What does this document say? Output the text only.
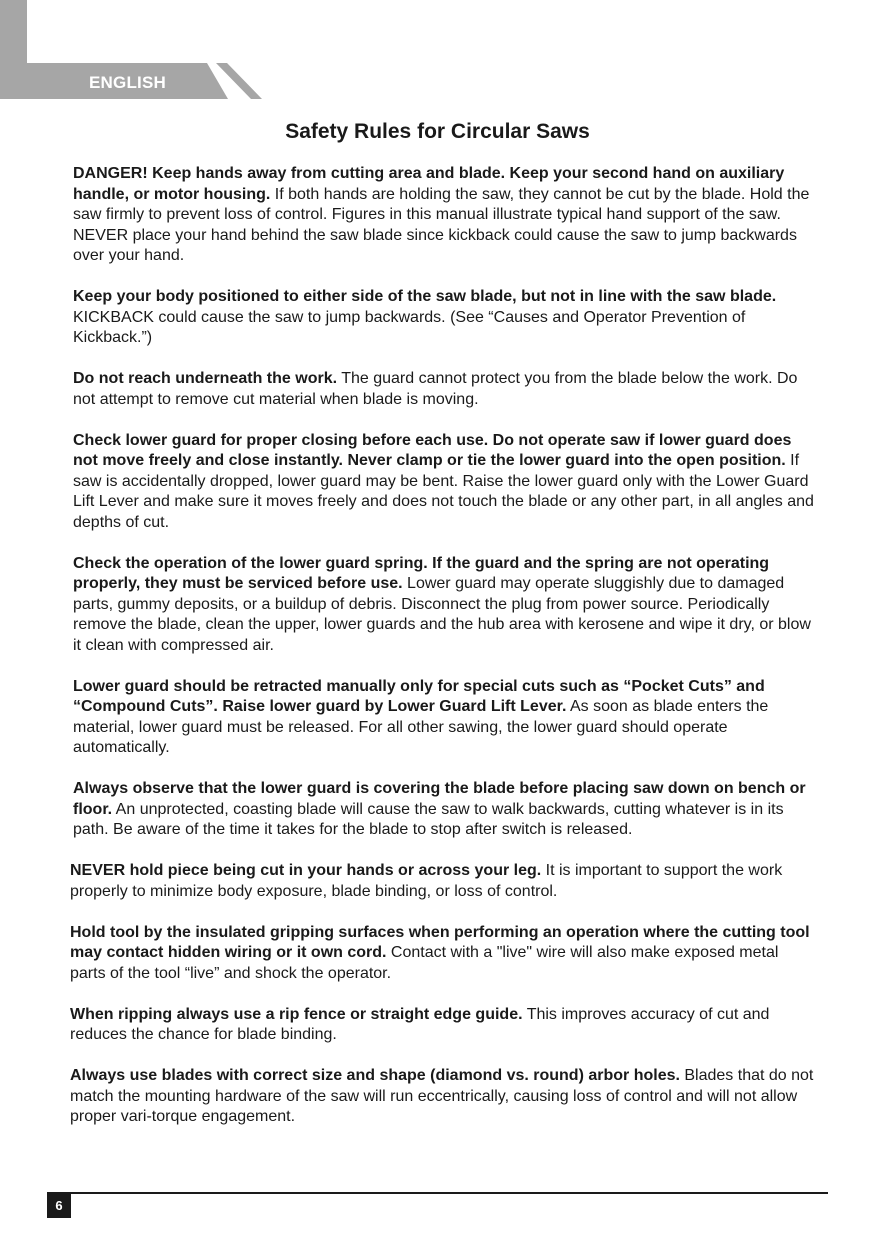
ENGLISH
Safety Rules for Circular Saws

DANGER! Keep hands away from cutting area and blade. Keep your second hand on auxiliary handle, or motor housing. If both hands are holding the saw, they cannot be cut by the blade. Hold the saw firmly to prevent loss of control. Figures in this manual illustrate typical hand support of the saw. NEVER place your hand behind the saw blade since kickback could cause the saw to jump backwards over your hand.

Keep your body positioned to either side of the saw blade, but not in line with the saw blade. KICKBACK could cause the saw to jump backwards. (See “Causes and Operator Prevention of Kickback.”)

Do not reach underneath the work. The guard cannot protect you from the blade below the work. Do not attempt to remove cut material when blade is moving.

Check lower guard for proper closing before each use. Do not operate saw if lower guard does not move freely and close instantly. Never clamp or tie the lower guard into the open position. If saw is accidentally dropped, lower guard may be bent. Raise the lower guard only with the Lower Guard Lift Lever and make sure it moves freely and does not touch the blade or any other part, in all angles and depths of cut.

Check the operation of the lower guard spring. If the guard and the spring are not operating properly, they must be serviced before use. Lower guard may operate sluggishly due to damaged parts, gummy deposits, or a buildup of debris. Disconnect the plug from power source. Periodically remove the blade, clean the upper, lower guards and the hub area with kerosene and wipe it dry, or blow it clean with compressed air.

Lower guard should be retracted manually only for special cuts such as “Pocket Cuts” and “Compound Cuts”. Raise lower guard by Lower Guard Lift Lever. As soon as blade enters the material, lower guard must be released. For all other sawing, the lower guard should operate automatically.

Always observe that the lower guard is covering the blade before placing saw down on bench or floor. An unprotected, coasting blade will cause the saw to walk backwards, cutting whatever is in its path. Be aware of the time it takes for the blade to stop after switch is released.

NEVER hold piece being cut in your hands or across your leg. It is important to support the work properly to minimize body exposure, blade binding, or loss of control.

Hold tool by the insulated gripping surfaces when performing an operation where the cutting tool may contact hidden wiring or it own cord. Contact with a "live" wire will also make exposed metal parts of the tool “live” and shock the operator.

When ripping always use a rip fence or straight edge guide. This improves accuracy of cut and reduces the chance for blade binding.

Always use blades with correct size and shape (diamond vs. round) arbor holes. Blades that do not match the mounting hardware of the saw will run eccentrically, causing loss of control and will not allow proper vari-torque engagement.

6
